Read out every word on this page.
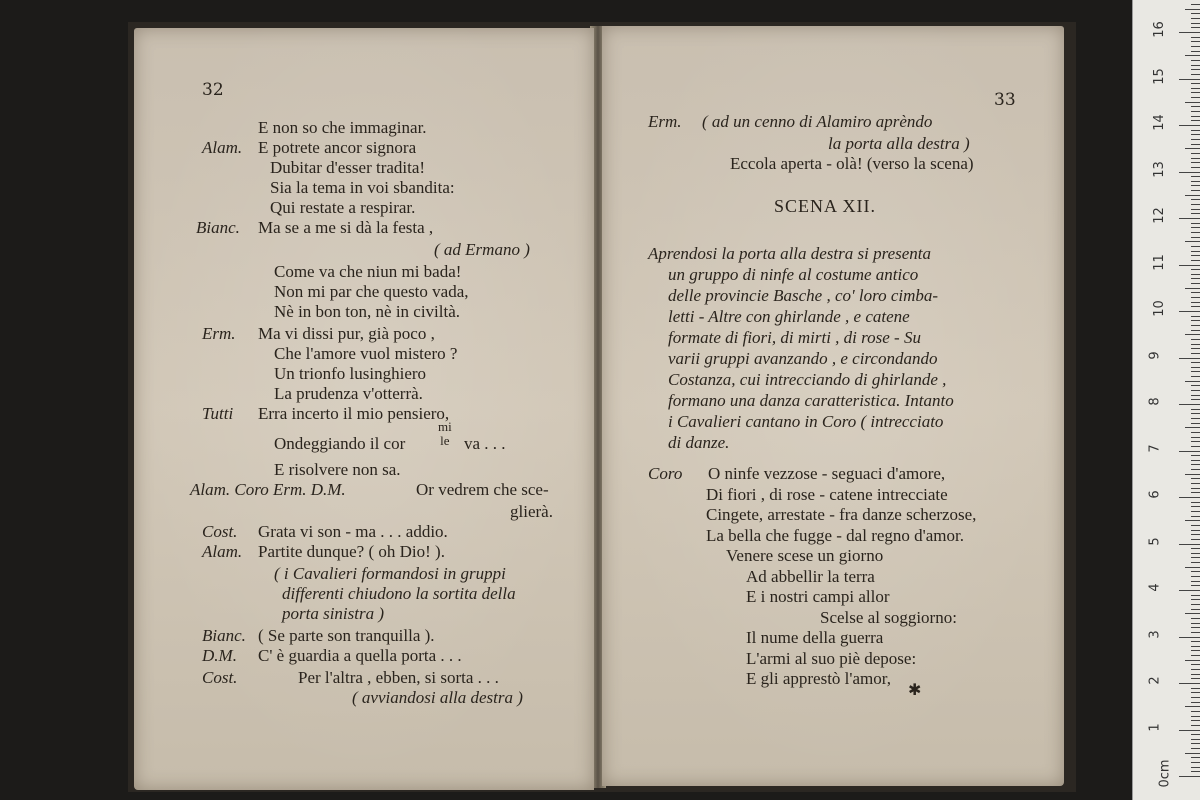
32
E non so che immaginar.
Alam. E potrete ancor signora
Dubitar d'esser tradita!
Sia la tema in voi sbandita:
Qui restate a respirar.
Bianc. Ma se a me si dà la festa ,
( ad Ermano )
Come va che niun mi bada!
Non mi par che questo vada,
Nè in bon ton, nè in civiltà.
Erm. Ma vi dissi pur, già poco ,
Che l'amore vuol mistero ?
Un trionfo lusinghiero
La prudenza v'otterrà.
Tutti Erra incerto il mio pensiero,
Ondeggiando il cor	va . . .
E risolvere non sa.
Alam. Coro Erm. D.M.	Or vedrem che sce-
glierà.
Cost. Grata vi son - ma . . . addio.
Alam. Partite dunque? ( oh Dio! ).
( i Cavalieri formandosi in gruppi
differenti chiudono la sortita della
porta sinistra )
Bianc. ( Se parte son tranquilla ).
D.M. C' è guardia a quella porta . . .
Cost.	Per l'altra , ebben, si sorta . . .
( avviandosi alla destra )
mi
le
33
Erm. ( ad un cenno di Alamiro aprèndo
la porta alla destra )
Eccola aperta - olà! (verso la scena)
SCENA XII.
Aprendosi la porta alla destra si presenta
un gruppo di ninfe al costume antico
delle provincie Basche , co' loro cimba-
letti - Altre con ghirlande , e catene
formate di fiori, di mirti , di rose - Su
varii gruppi avanzando , e circondando
Costanza, cui intrecciando di ghirlande ,
formano una danza caratteristica. Intanto
i Cavalieri cantano in Coro ( intrecciato
di danze.
Coro O ninfe vezzose - seguaci d'amore,
Di fiori , di rose - catene intrecciate
Cingete, arrestate - fra danze scherzose,
La bella che fugge - dal regno d'amor.
Venere scese un giorno
Ad abbellir la terra
E i nostri campi allor
Scelse al soggiorno:
Il nume della guerra
L'armi al suo piè depose:
E gli apprestò l'amor,
✱

0cm
1
2
3
4
5
6
7
8
9
10
11
12
13
14
15
16
